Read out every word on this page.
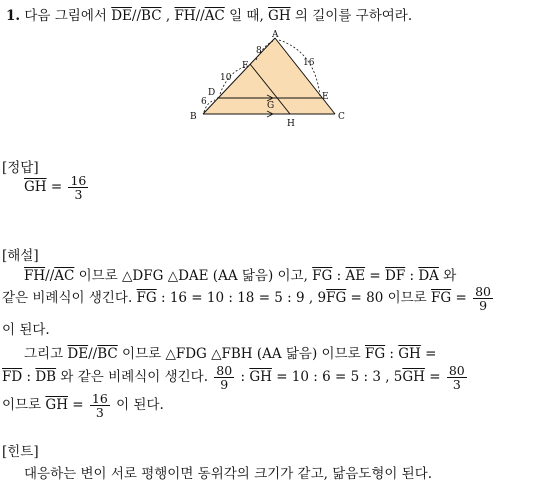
1. 다음 그림에서 $\overline{DE}//\overline{BC}$ , $\overline{FH}//\overline{AC}$ 일 때, $\overline{GH}$ 의 길이를 구하여라.
A
B	C
D	E
F
G
H
8
10
6
16
[정답]
$\overline{GH} = \frac{16}{3}$
[해설]
$\overline{FH}//\overline{AC}$ 이므로 △DFG △DAE (AA 닮음) 이고, $\overline{FG}$ : $\overline{AE} = \overline{DF}$ : $\overline{DA}$ 와
같은 비례식이 생긴다. $\overline{FG}$ : 16 = 10 : 18 = 5 : 9 , $9\overline{FG} = 80$ 이므로 $\overline{FG} = \frac{80}{9}$
이 된다.
그리고 $\overline{DE}//\overline{BC}$ 이므로 △FDG △FBH (AA 닮음) 이므로 $\overline{FG}$ : $\overline{GH}$ =
$\overline{FD}$ : $\overline{DB}$ 와 같은 비례식이 생긴다. $\frac{80}{9}$ : $\overline{GH} = 10$ : 6 = 5 : 3 , $5\overline{GH} = \frac{80}{3}$
이므로 $\overline{GH} = \frac{16}{3}$ 이 된다.
[힌트]
대응하는 변이 서로 평행이면 동위각의 크기가 같고, 닮음도형이 된다.
